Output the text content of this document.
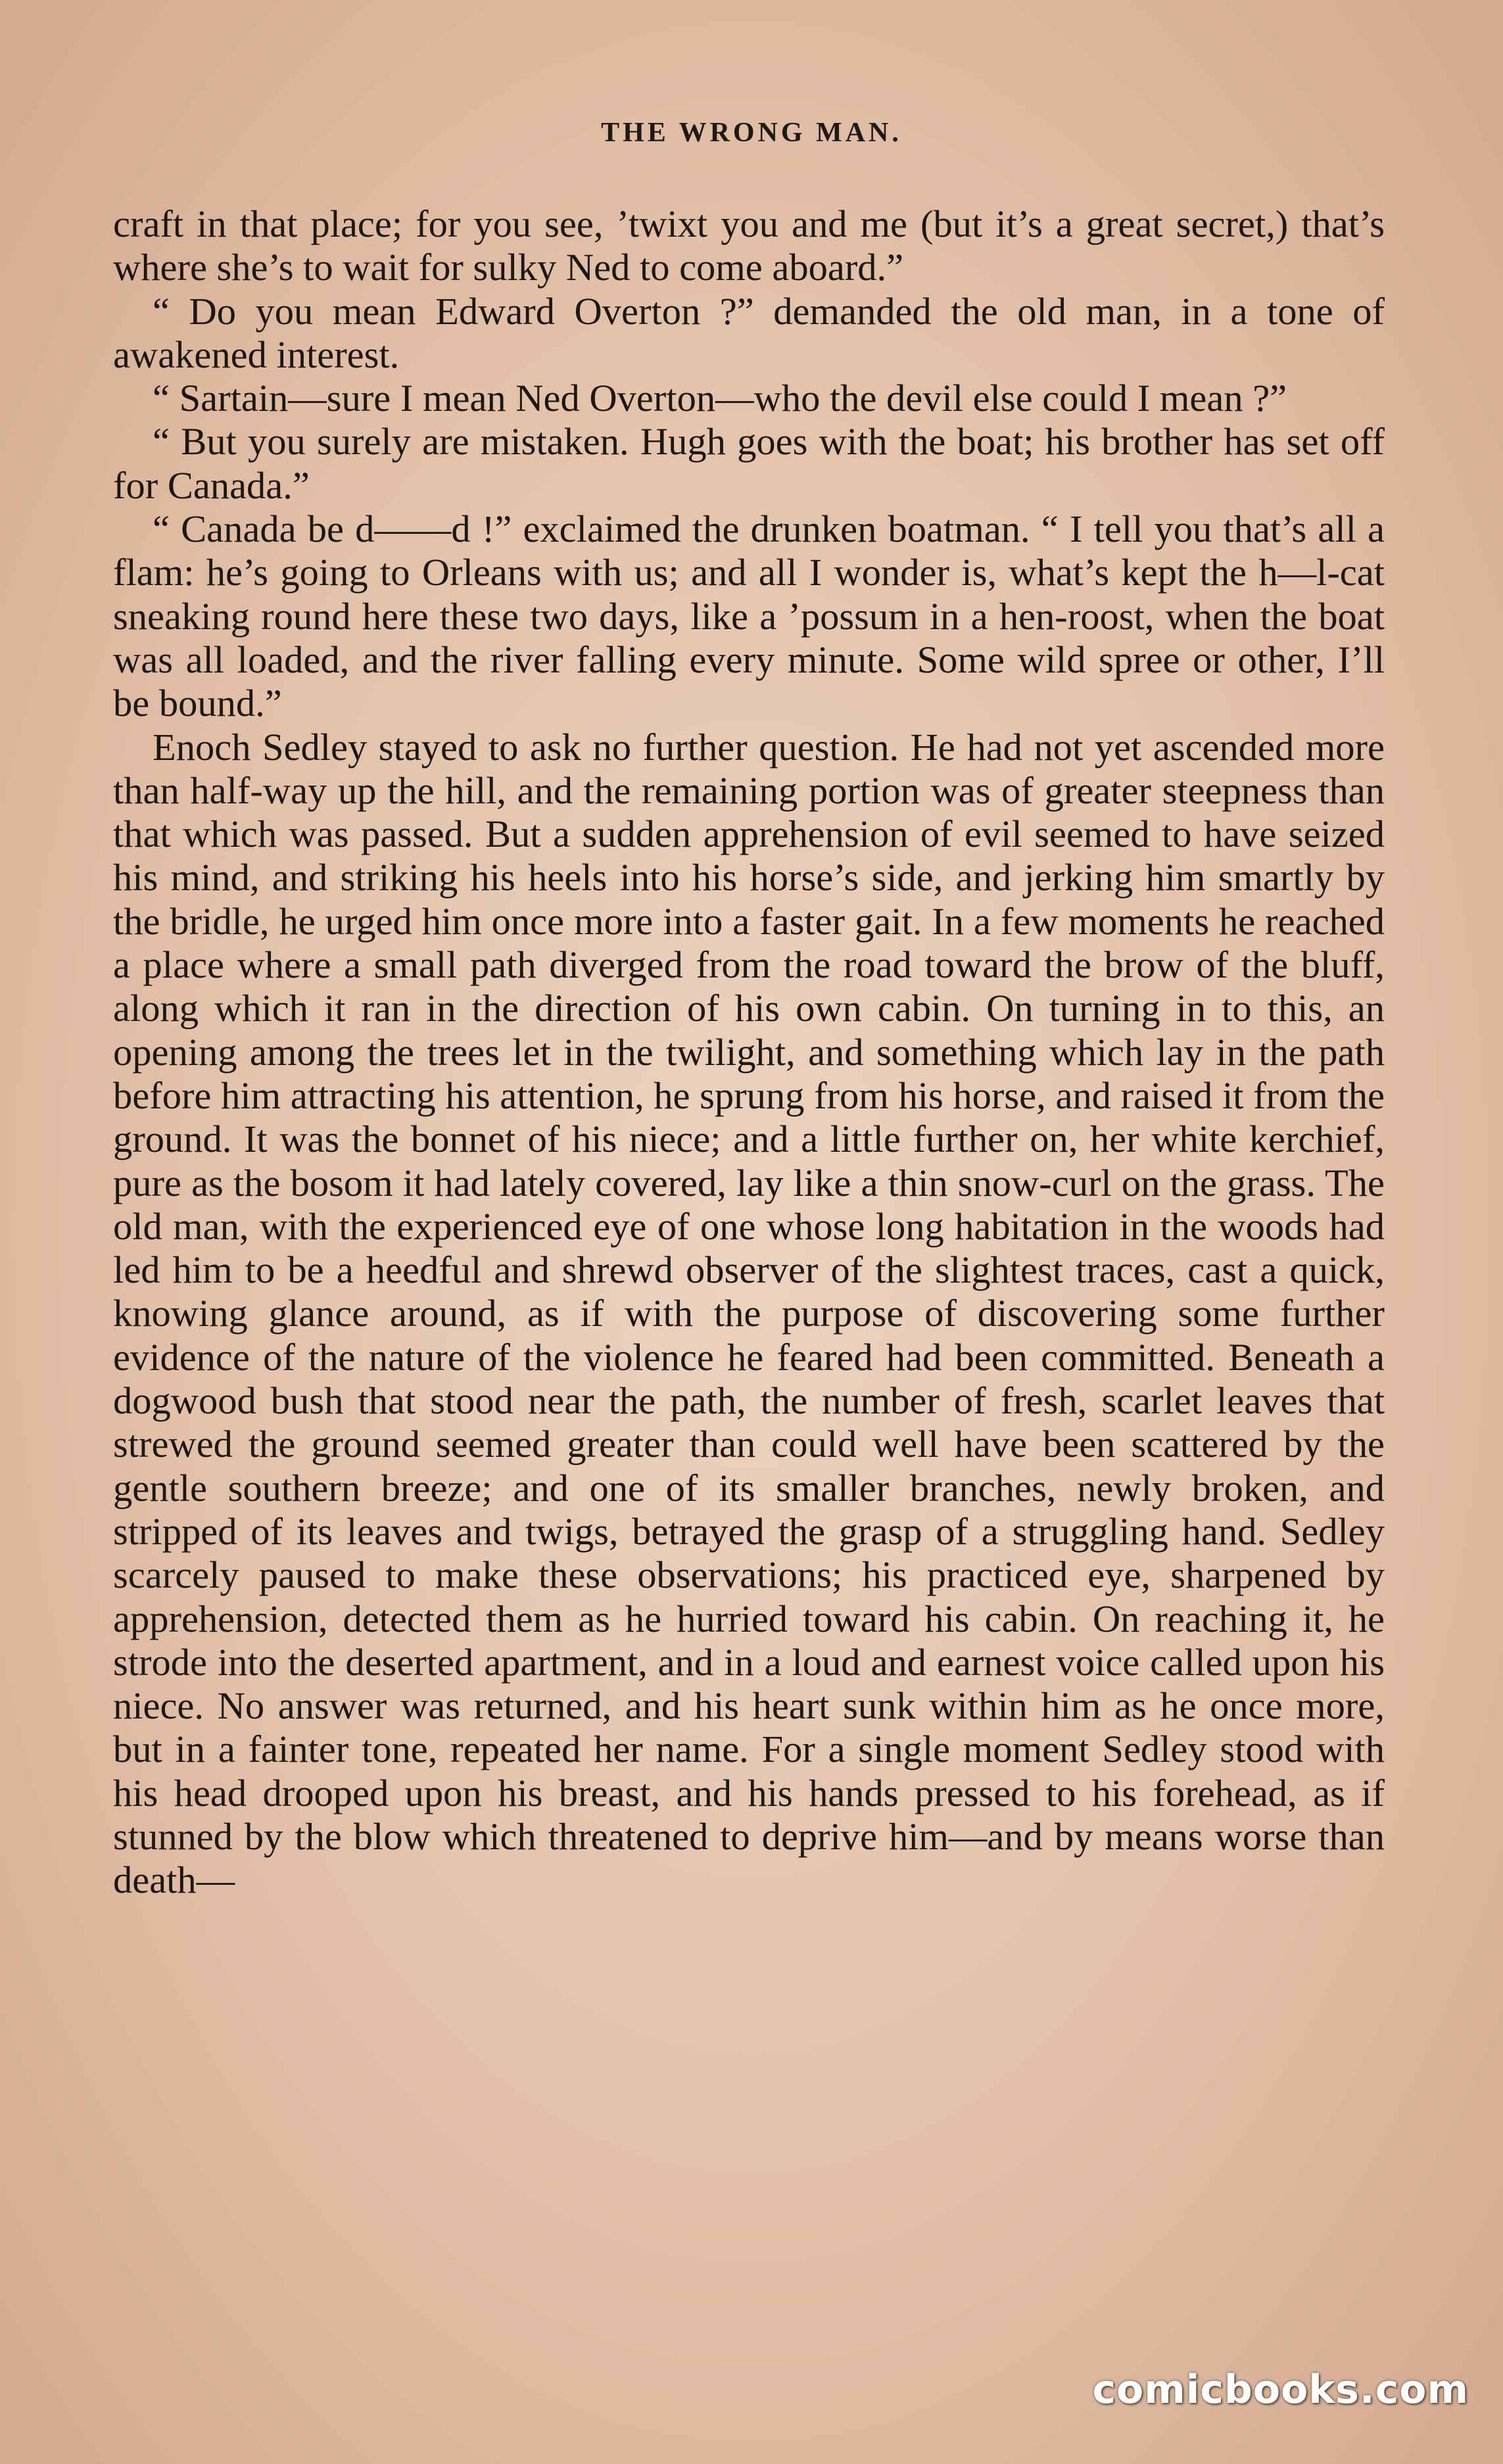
THE WRONG MAN.

craft in that place; for you see, ’twixt you and me (but it’s a great secret,) that’s where she’s to wait for sulky Ned to come aboard.”

“ Do you mean Edward Overton ?” demanded the old man, in a tone of awakened interest.

“ Sartain—sure I mean Ned Overton—who the devil else could I mean ?”

“ But you surely are mistaken. Hugh goes with the boat; his brother has set off for Canada.”

“ Canada be d——d !” exclaimed the drunken boatman. “ I tell you that’s all a flam: he’s going to Orleans with us; and all I wonder is, what’s kept the h—l-cat sneaking round here these two days, like a ’possum in a hen-roost, when the boat was all loaded, and the river falling every minute. Some wild spree or other, I’ll be bound.”

Enoch Sedley stayed to ask no further question. He had not yet ascended more than half-way up the hill, and the remaining portion was of greater steepness than that which was passed. But a sudden apprehension of evil seemed to have seized his mind, and striking his heels into his horse’s side, and jerking him smartly by the bridle, he urged him once more into a faster gait. In a few moments he reached a place where a small path diverged from the road toward the brow of the bluff, along which it ran in the direction of his own cabin. On turning in to this, an opening among the trees let in the twilight, and something which lay in the path before him attracting his attention, he sprung from his horse, and raised it from the ground. It was the bonnet of his niece; and a little further on, her white kerchief, pure as the bosom it had lately covered, lay like a thin snow-curl on the grass. The old man, with the experienced eye of one whose long habitation in the woods had led him to be a heedful and shrewd observer of the slightest traces, cast a quick, knowing glance around, as if with the purpose of discovering some further evidence of the nature of the violence he feared had been committed. Beneath a dogwood bush that stood near the path, the number of fresh, scarlet leaves that strewed the ground seemed greater than could well have been scattered by the gentle southern breeze; and one of its smaller branches, newly broken, and stripped of its leaves and twigs, betrayed the grasp of a struggling hand. Sedley scarcely paused to make these observations; his practiced eye, sharpened by apprehension, detected them as he hurried toward his cabin. On reaching it, he strode into the deserted apartment, and in a loud and earnest voice called upon his niece. No answer was returned, and his heart sunk within him as he once more, but in a fainter tone, repeated her name. For a single moment Sedley stood with his head drooped upon his breast, and his hands pressed to his forehead, as if stunned by the blow which threatened to deprive him—and by means worse than death—

comicbooks.com
